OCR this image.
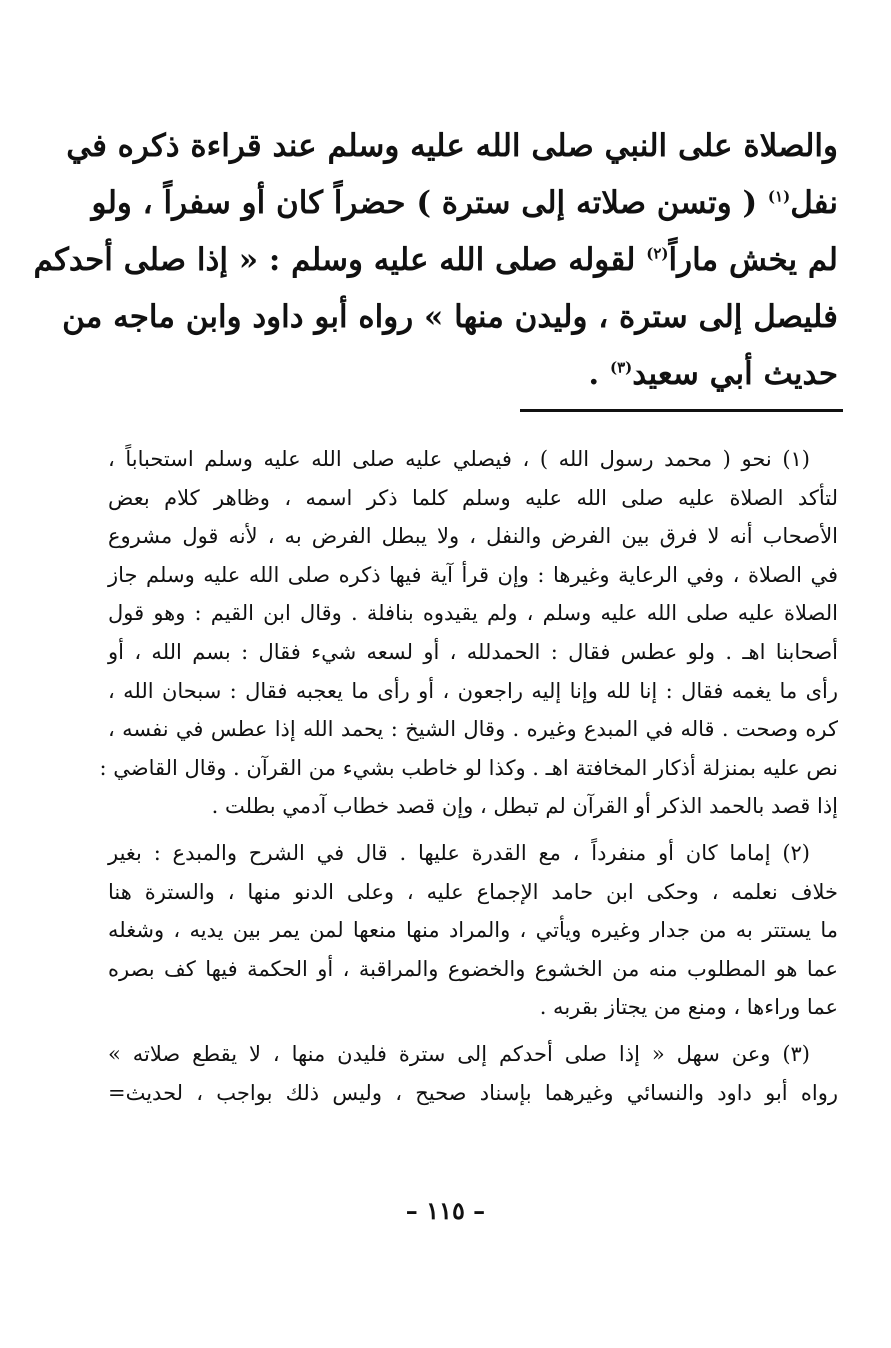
والصلاة على النبي صلى الله عليه وسلم عند قراءة ذكره في
نفل$^{(١)}$ ( وتسن صلاته إلى سترة ) حضراً كان أو سفراً ، ولو
لم يخش ماراً$^{(٢)}$ لقوله صلى الله عليه وسلم : « إذا صلى أحدكم
فليصل إلى سترة ، وليدن منها » رواه أبو داود وابن ماجه من
حديث أبي سعيد$^{(٣)}$ .
(١) نحو ( محمد رسول الله ) ، فيصلي عليه صلى الله عليه وسلم استحباباً ،
لتأكد الصلاة عليه صلى الله عليه وسلم كلما ذكر اسمه ، وظاهر كلام بعض
الأصحاب أنه لا فرق بين الفرض والنفل ، ولا يبطل الفرض به ، لأنه قول مشروع
في الصلاة ، وفي الرعاية وغيرها : وإن قرأ آية فيها ذكره صلى الله عليه وسلم جاز
الصلاة عليه صلى الله عليه وسلم ، ولم يقيدوه بنافلة . وقال ابن القيم : وهو قول
أصحابنا اهـ . ولو عطس فقال : الحمدلله ، أو لسعه شيء فقال : بسم الله ، أو
رأى ما يغمه فقال : إنا لله وإنا إليه راجعون ، أو رأى ما يعجبه فقال : سبحان الله ،
كره وصحت . قاله في المبدع وغيره . وقال الشيخ : يحمد الله إذا عطس في نفسه ،
نص عليه بمنزلة أذكار المخافتة اهـ . وكذا لو خاطب بشيء من القرآن . وقال القاضي :
إذا قصد بالحمد الذكر أو القرآن لم تبطل ، وإن قصد خطاب آدمي بطلت .
(٢) إماما كان أو منفرداً ، مع القدرة عليها . قال في الشرح والمبدع : بغير
خلاف نعلمه ، وحكى ابن حامد الإجماع عليه ، وعلى الدنو منها ، والسترة هنا
ما يستتر به من جدار وغيره ويأتي ، والمراد منها منعها لمن يمر بين يديه ، وشغله
عما هو المطلوب منه من الخشوع والخضوع والمراقبة ، أو الحكمة فيها كف بصره
عما وراءها ، ومنع من يجتاز بقربه .
(٣) وعن سهل « إذا صلى أحدكم إلى سترة فليدن منها ، لا يقطع صلاته »
رواه أبو داود والنسائي وغيرهما بإسناد صحيح ، وليس ذلك بواجب ، لحديث=
– ١١٥ –
